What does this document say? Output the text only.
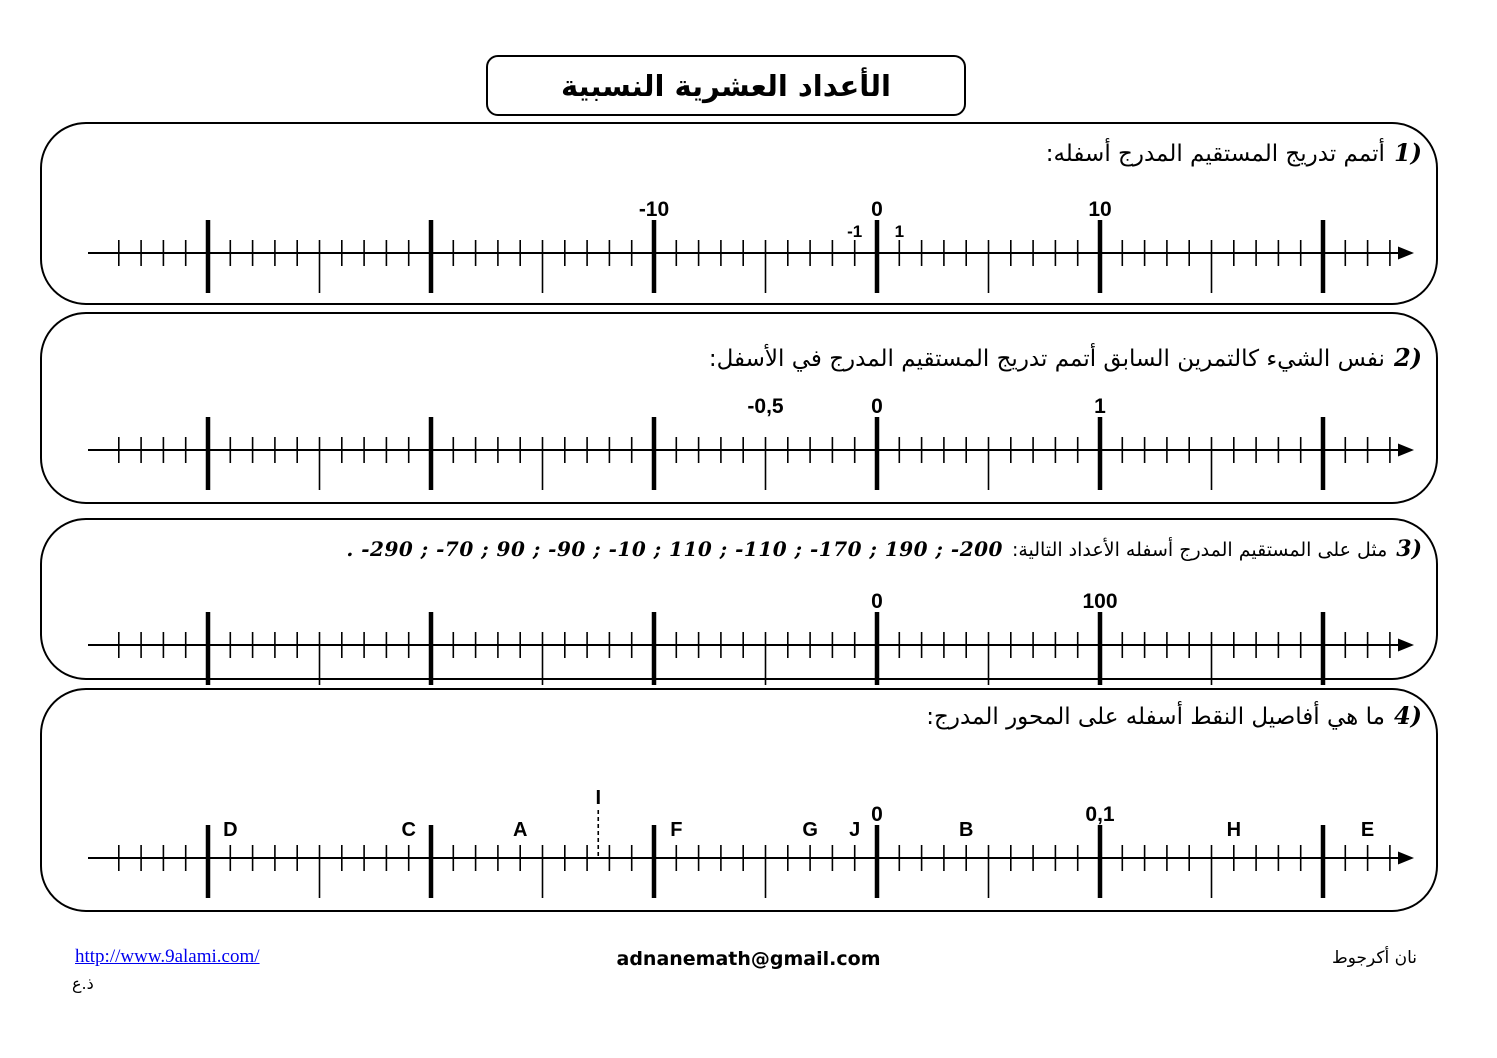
الأعداد العشرية النسبية
1)
أتمم تدريج المستقيم المدرج أسفله:
-10
-1
0
1
10
2)
نفس الشيء كالتمرين السابق أتمم تدريج المستقيم المدرج في الأسفل:
-0,5	0	1
3)
مثل على المستقيم المدرج أسفله الأعداد التالية:
. -290 ; -70 ; 90 ; -90 ; -10 ; 110 ; -110 ; -170 ; 190 ; -200
0	100
4)
ما هي أفاصيل النقط أسفله على المحور المدرج:
0	0,1
D	C	A
I
F	G J	B	H	E
http://www.9alami.com/
ذ.ع
adnanemath@gmail.com	نان أكرجوط
